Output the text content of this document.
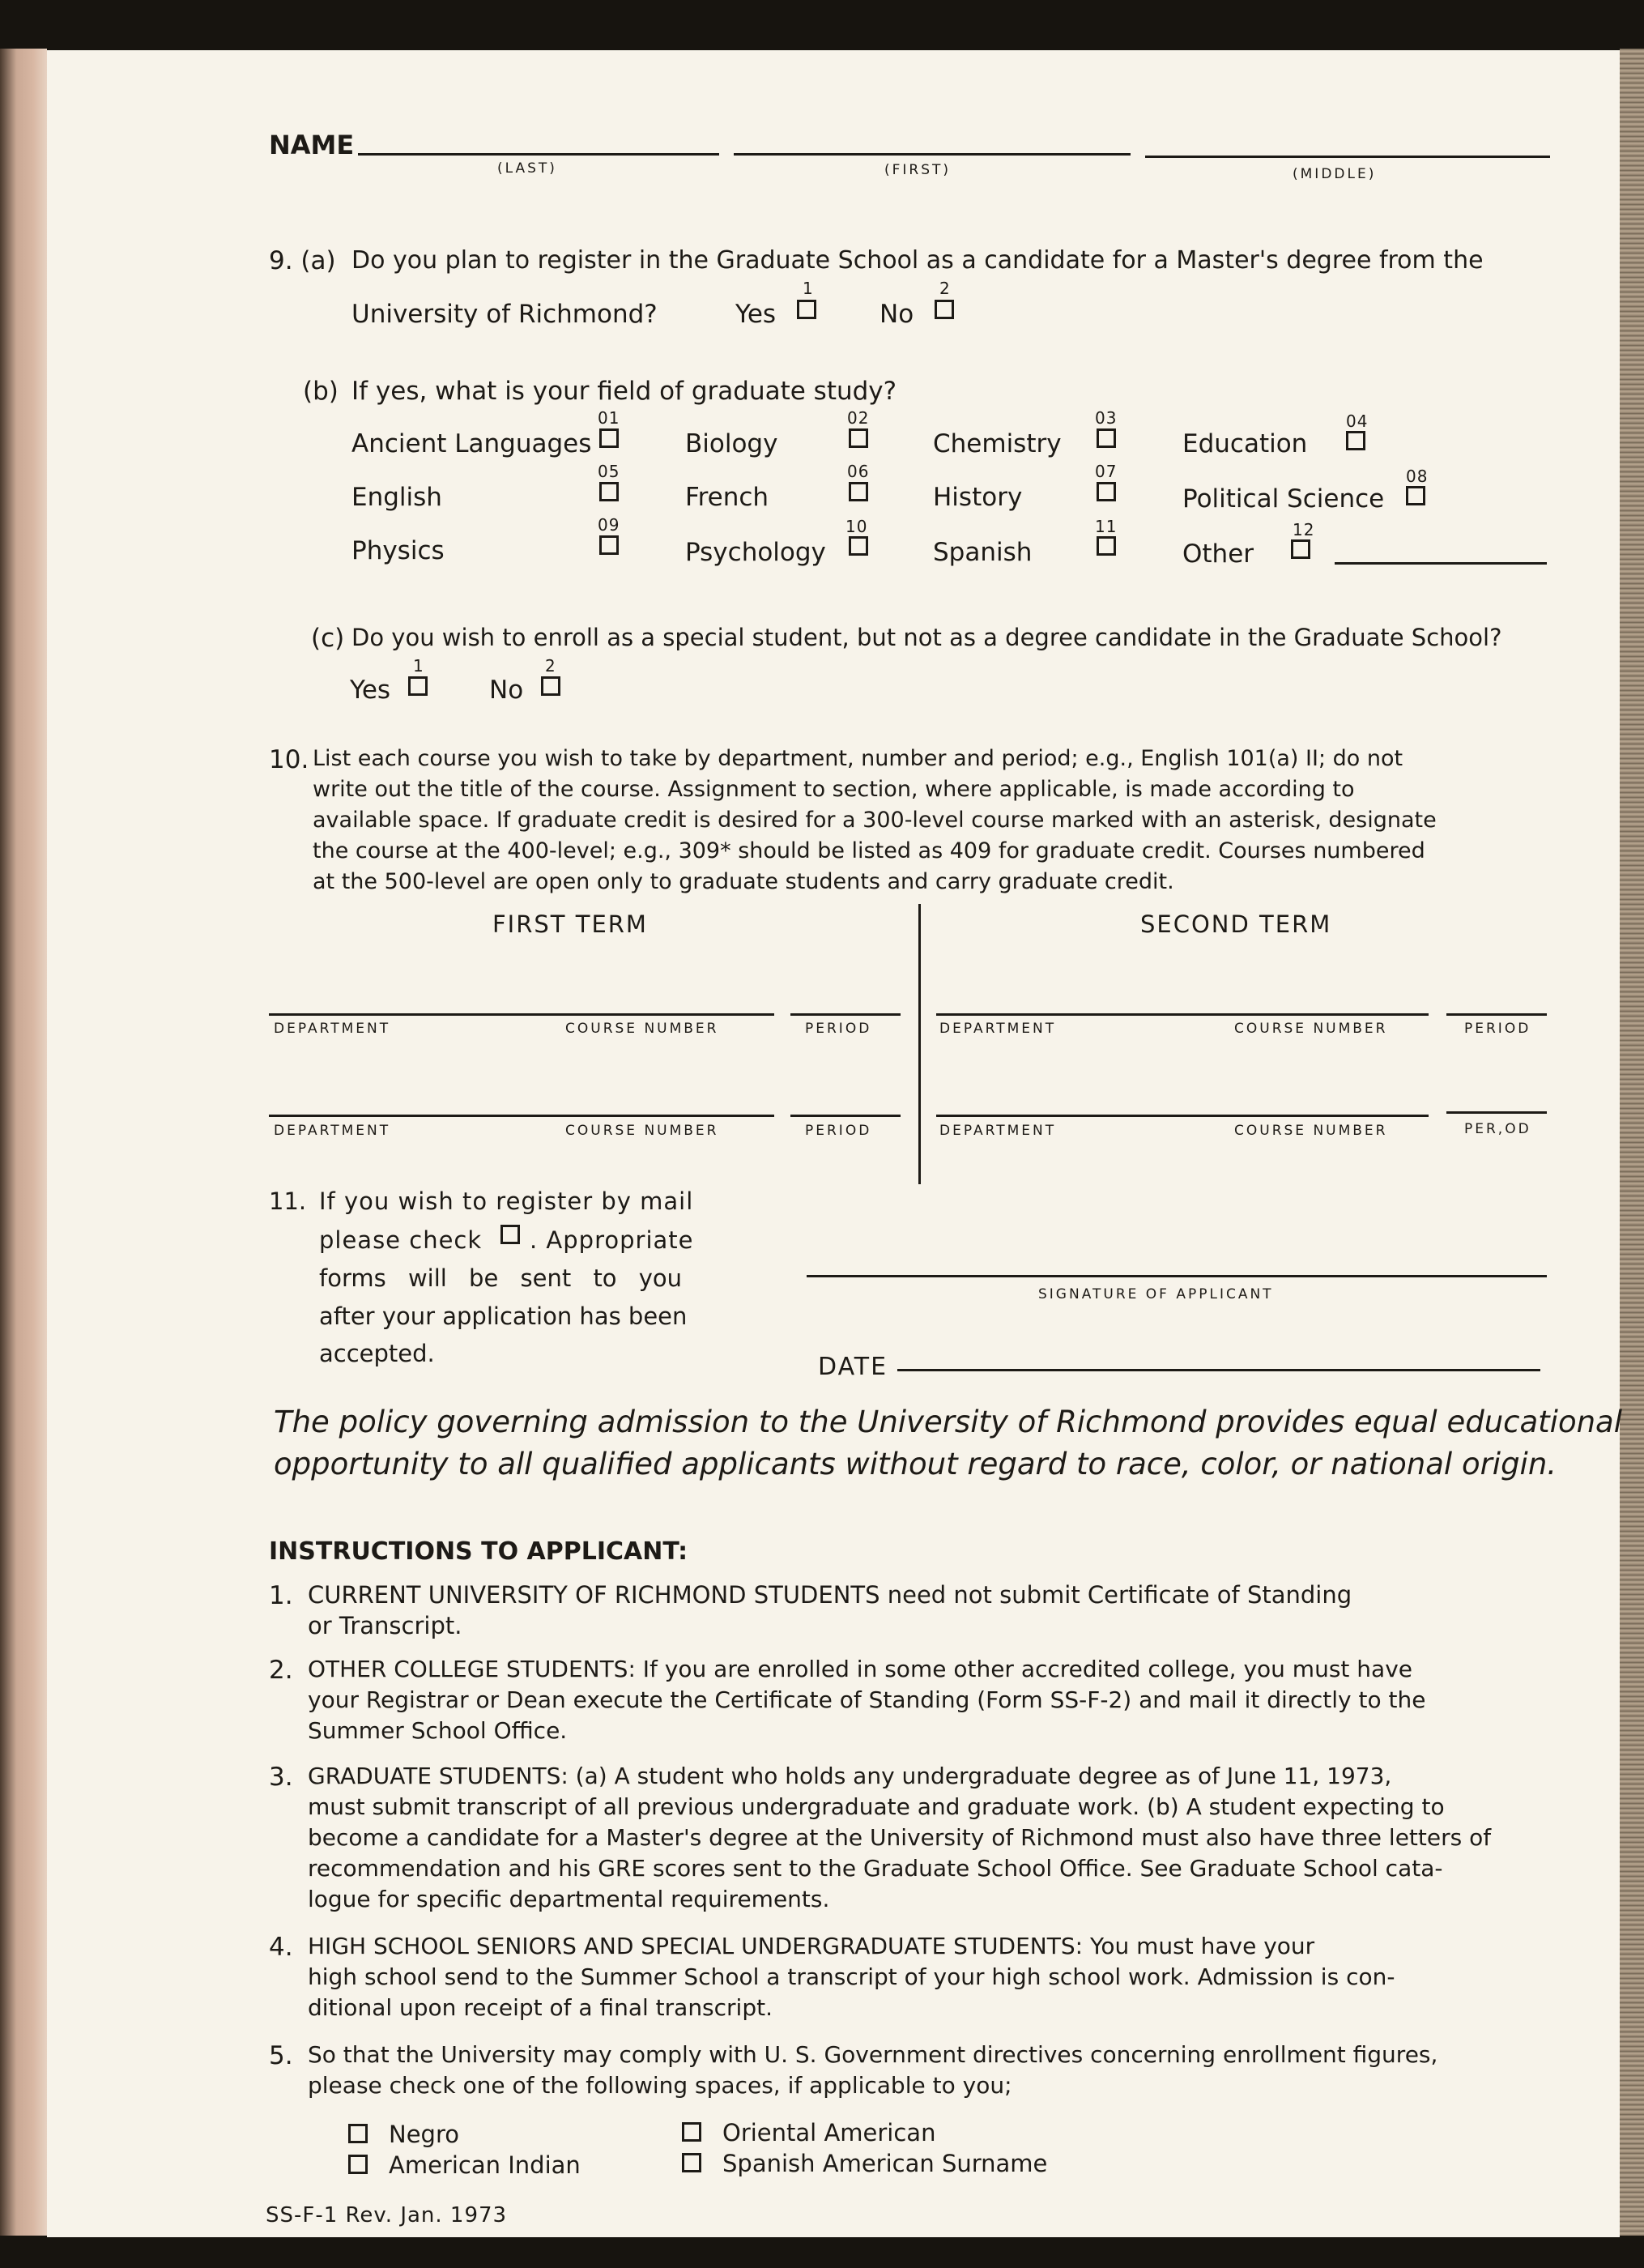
NAME
(LAST)	(FIRST)	(MIDDLE)
9. (a) Do you plan to register in the Graduate School as a candidate for a Master's degree from the
University of Richmond?
1
Yes
2
No
(b) If yes, what is your field of graduate study?
Ancient Languages
01
Biology
02
Chemistry
03
Education
04
English
05
French
06
History
07
Political Science
08
Physics
09
Psychology
10
Spanish
11
Other
12
(c) Do you wish to enroll as a special student, but not as a degree candidate in the Graduate School?
1
Yes
2
No
10. List each course you wish to take by department, number and period; e.g., English 101(a) II; do not
write out the title of the course. Assignment to section, where applicable, is made according to
available space. If graduate credit is desired for a 300-level course marked with an asterisk, designate
the course at the 400-level; e.g., 309* should be listed as 409 for graduate credit. Courses numbered
at the 500-level are open only to graduate students and carry graduate credit.
FIRST TERM	SECOND TERM
DEPARTMENT	COURSE NUMBER	PERIOD
DEPARTMENT	COURSE NUMBER	PERIOD
DEPARTMENT	COURSE NUMBER	PERIOD
DEPARTMENT	COURSE NUMBER	PER,OD
11. If you wish to register by mail
please check . Appropriate
forms will be sent to you
after your application has been
accepted.
SIGNATURE OF APPLICANT
DATE
The policy governing admission to the University of Richmond provides equal educational
opportunity to all qualified applicants without regard to race, color, or national origin.
INSTRUCTIONS TO APPLICANT:
1. CURRENT UNIVERSITY OF RICHMOND STUDENTS need not submit Certificate of Standing
or Transcript.
2. OTHER COLLEGE STUDENTS: If you are enrolled in some other accredited college, you must have
your Registrar or Dean execute the Certificate of Standing (Form SS-F-2) and mail it directly to the
Summer School Office.
3. GRADUATE STUDENTS: (a) A student who holds any undergraduate degree as of June 11, 1973,
must submit transcript of all previous undergraduate and graduate work. (b) A student expecting to
become a candidate for a Master's degree at the University of Richmond must also have three letters of
recommendation and his GRE scores sent to the Graduate School Office. See Graduate School cata-
logue for specific departmental requirements.
4. HIGH SCHOOL SENIORS AND SPECIAL UNDERGRADUATE STUDENTS: You must have your
high school send to the Summer School a transcript of your high school work. Admission is con-
ditional upon receipt of a final transcript.
5. So that the University may comply with U. S. Government directives concerning enrollment figures,
please check one of the following spaces, if applicable to you;
Negro
American Indian
Oriental American
Spanish American Surname
SS-F-1 Rev. Jan. 1973
